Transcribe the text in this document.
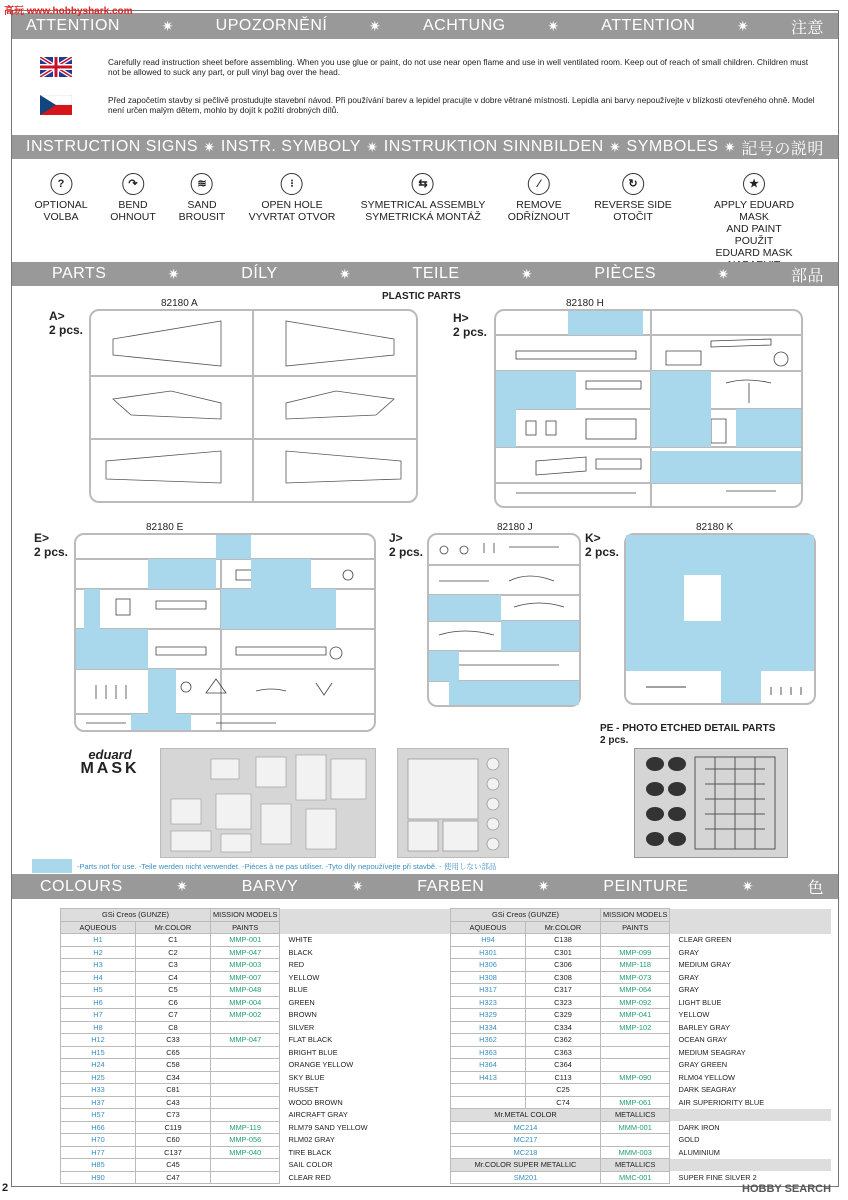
ATTENTION	✷	UPOZORNĚNÍ	✷	ACHTUNG	✷	ATTENTION	✷	注意
Carefully read instruction sheet before assembling. When you use glue or paint, do not use near open flame and use in well ventilated room. Keep out of reach of small children. Children must not be allowed to suck any part, or pull vinyl bag over the head.
Před započetím stavby si pečlivě prostudujte stavební návod. Při používání barev a lepidel pracujte v dobre větrané místnosti. Lepidla ani barvy nepoužívejte v blízkosti otevřeného ohně. Model není určen malým dětem, mohlo by dojít k požití drobných dílů.
INSTRUCTION SIGNS ✷ INSTR. SYMBOLY ✷ INSTRUKTION SINNBILDEN ✷ SYMBOLES ✷ 記号の説明
?
OPTIONAL
VOLBA
↷
BEND
OHNOUT
≋
SAND
BROUSIT
⁝
OPEN HOLE
VYVRTAT OTVOR
⇆
SYMETRICAL ASSEMBLY
SYMETRICKÁ MONTÁŽ
⁄
REMOVE
ODŘÍZNOUT
↻
REVERSE SIDE
OTOČIT
★
APPLY EDUARD MASK
AND PAINT
POUŽIT EDUARD MASK
PARTS	✷	DÍLY	✷	TEILE	✷	PIÈCES	✷	部品
PLASTIC PARTS
A>
2 pcs.
82180 A
H>
2 pcs.
82180 H
E>
2 pcs.
82180 E
J>
2 pcs.
82180 J
K>
2 pcs.
82180 K
eduard
MASK
PE - PHOTO ETCHED DETAIL PARTS
2 pcs.
-Parts not for use. -Teile werden nicht verwendet. -Pièces à ne pas utiliser. -Tyto díly nepoužívejte při stavbě. - 使用しない部品
COLOURS	✷	BARVY	✷	FARBEN	✷	PEINTURE	✷	色
GSi Creos (GUNZE)		MISSION MODELS	
AQUEOUS	Mr.COLOR	PAINTS	
H1	C1	MMP-001	WHITE
H2	C2	MMP-047	BLACK
H3	C3	MMP-003	RED
H4	C4	MMP-007	YELLOW
H5	C5	MMP-048	BLUE
H6	C6	MMP-004	GREEN
H7	C7	MMP-002	BROWN
H8	C8		SILVER
H12	C33	MMP-047	FLAT BLACK
H15	C65		BRIGHT BLUE
H24	C58		ORANGE YELLOW
H25	C34		SKY BLUE
H33	C81		RUSSET
H37	C43		WOOD BROWN
H57	C73		AIRCRAFT GRAY
H66	C119	MMP-119	RLM79 SAND YELLOW
H70	C60	MMP-056	RLM02 GRAY
H77	C137	MMP-040	TIRE BLACK
H85	C45		SAIL COLOR
H90	C47		CLEAR RED
GSi Creos (GUNZE)		MISSION MODELS	
AQUEOUS	Mr.COLOR	PAINTS	
H94	C138		CLEAR GREEN
H301	C301	MMP-099	GRAY
H306	C306	MMP-118	MEDIUM GRAY
H308	C308	MMP-073	GRAY
H317	C317	MMP-064	GRAY
H323	C323	MMP-092	LIGHT BLUE
H329	C329	MMP-041	YELLOW
H334	C334	MMP-102	BARLEY GRAY
H362	C362		OCEAN GRAY
H363	C363		MEDIUM SEAGRAY
H364	C364		GRAY GREEN
H413	C113	MMP-090	RLM04 YELLOW
	C25		DARK SEAGRAY
	C74	MMP-061	AIR SUPERIORITY BLUE
Mr.METAL COLOR		METALLICS	
MC214		MMM-001	DARK IRON
MC217			GOLD
MC218		MMM-003	ALUMINIUM
Mr.COLOR SUPER METALLIC		METALLICS	
SM201		MMC-001	SUPER FINE SILVER 2
高玩 www.hobbyshark.com
2	HOBBY SEARCH
